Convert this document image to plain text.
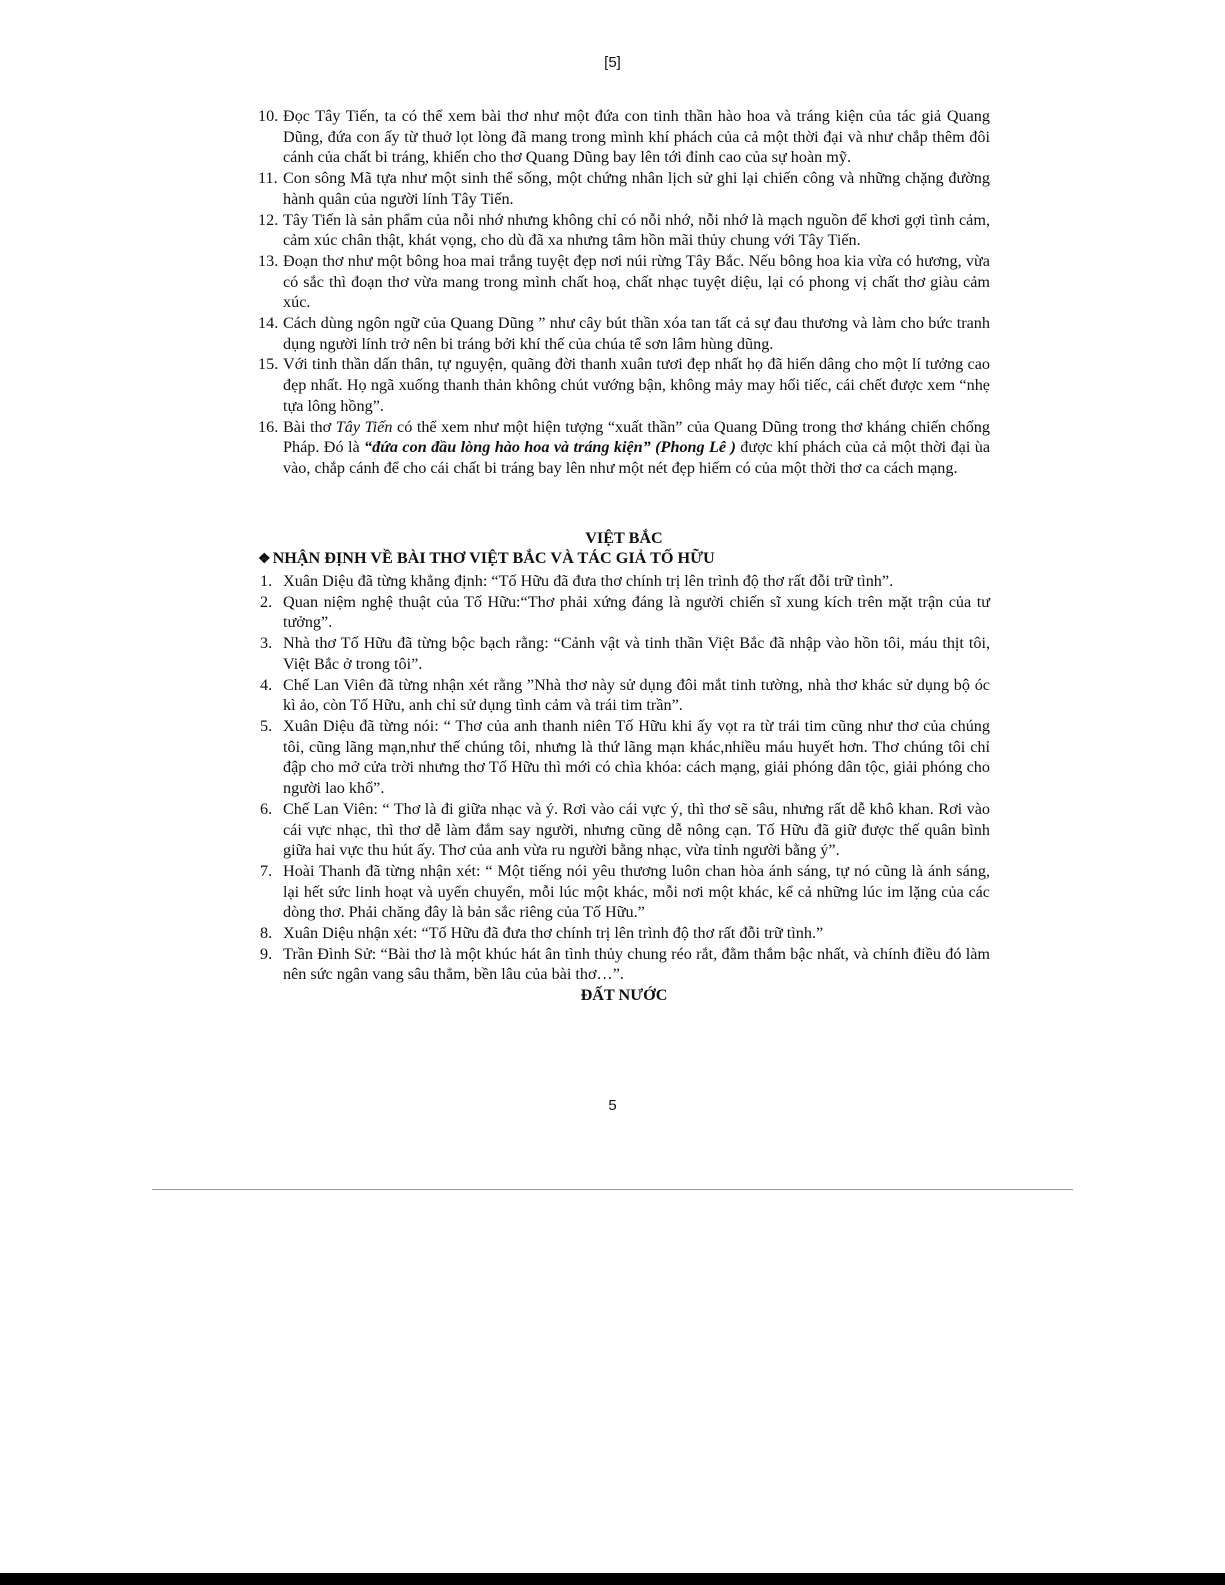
[5]
10. Đọc Tây Tiến, ta có thể xem bài thơ như một đứa con tinh thần hào hoa và tráng kiện của tác giả Quang Dũng, đứa con ấy từ thuở lọt lòng đã mang trong mình khí phách của cả một thời đại và như chắp thêm đôi cánh của chất bi tráng, khiến cho thơ Quang Dũng bay lên tới đỉnh cao của sự hoàn mỹ.
11. Con sông Mã tựa như một sinh thể sống, một chứng nhân lịch sử ghi lại chiến công và những chặng đường hành quân của người lính Tây Tiến.
12. Tây Tiến là sản phẩm của nỗi nhớ nhưng không chỉ có nỗi nhớ, nỗi nhớ là mạch nguồn để khơi gợi tình cảm, cảm xúc chân thật, khát vọng, cho dù đã xa nhưng tâm hồn mãi thủy chung với Tây Tiến.
13. Đoạn thơ như một bông hoa mai trắng tuyệt đẹp nơi núi rừng Tây Bắc. Nếu bông hoa kia vừa có hương, vừa có sắc thì đoạn thơ vừa mang trong mình chất hoạ, chất nhạc tuyệt diệu, lại có phong vị chất thơ giàu cảm xúc.
14. Cách dùng ngôn ngữ của Quang Dũng ” như cây bút thần xóa tan tất cả sự đau thương và làm cho bức tranh dụng người lính trở nên bi tráng bởi khí thế của chúa tể sơn lâm hùng dũng.
15. Với tinh thần dấn thân, tự nguyện, quãng đời thanh xuân tươi đẹp nhất họ đã hiến dâng cho một lí tưởng cao đẹp nhất. Họ ngã xuống thanh thản không chút vướng bận, không mảy may hối tiếc, cái chết được xem “nhẹ tựa lông hồng”.
16. Bài thơ Tây Tiến có thể xem như một hiện tượng “xuất thần” của Quang Dũng trong thơ kháng chiến chống Pháp. Đó là “đứa con đầu lòng hào hoa và tráng kiện” (Phong Lê ) được khí phách của cả một thời đại ùa vào, chắp cánh để cho cái chất bi tráng bay lên như một nét đẹp hiếm có của một thời thơ ca cách mạng.

VIỆT BẮC

❖ NHẬN ĐỊNH VỀ BÀI THƠ VIỆT BẮC VÀ TÁC GIẢ TỐ HỮU

1. Xuân Diệu đã từng khẳng định: “Tố Hữu đã đưa thơ chính trị lên trình độ thơ rất đỗi trữ tình”.
2. Quan niệm nghệ thuật của Tố Hữu:“Thơ phải xứng đáng là người chiến sĩ xung kích trên mặt trận của tư tưởng”.
3. Nhà thơ Tố Hữu đã từng bộc bạch rằng: “Cảnh vật và tinh thần Việt Bắc đã nhập vào hồn tôi, máu thịt tôi, Việt Bắc ở trong tôi”.
4. Chế Lan Viên đã từng nhận xét rằng ”Nhà thơ này sử dụng đôi mắt tinh tường, nhà thơ khác sử dụng bộ óc kì ảo, còn Tố Hữu, anh chỉ sử dụng tình cảm và trái tim trần”.
5. Xuân Diệu đã từng nói: “ Thơ của anh thanh niên Tố Hữu khi ấy vọt ra từ trái tim cũng như thơ của chúng tôi, cũng lãng mạn,như thế chúng tôi, nhưng là thứ lãng mạn khác,nhiều máu huyết hơn. Thơ chúng tôi chỉ đập cho mở cửa trời nhưng thơ Tố Hữu thì mới có chìa khóa: cách mạng, giải phóng dân tộc, giải phóng cho người lao khổ”.
6. Chế Lan Viên: “ Thơ là đi giữa nhạc và ý. Rơi vào cái vực ý, thì thơ sẽ sâu, nhưng rất dễ khô khan. Rơi vào cái vực nhạc, thì thơ dễ làm đắm say người, nhưng cũng dễ nông cạn. Tố Hữu đã giữ được thế quân bình giữa hai vực thu hút ấy. Thơ của anh vừa ru người bằng nhạc, vừa tỉnh người bằng ý”.
7. Hoài Thanh đã từng nhận xét: “ Một tiếng nói yêu thương luôn chan hòa ánh sáng, tự nó cũng là ánh sáng, lại hết sức linh hoạt và uyển chuyển, mỗi lúc một khác, mỗi nơi một khác, kể cả những lúc im lặng của các dòng thơ. Phải chăng đây là bản sắc riêng của Tố Hữu.”
8. Xuân Diệu nhận xét: “Tố Hữu đã đưa thơ chính trị lên trình độ thơ rất đỗi trữ tình.”
9. Trần Đình Sử: “Bài thơ là một khúc hát ân tình thủy chung réo rắt, đằm thắm bậc nhất, và chính điều đó làm nên sức ngân vang sâu thẳm, bền lâu của bài thơ…”.

ĐẤT NƯỚC

5
